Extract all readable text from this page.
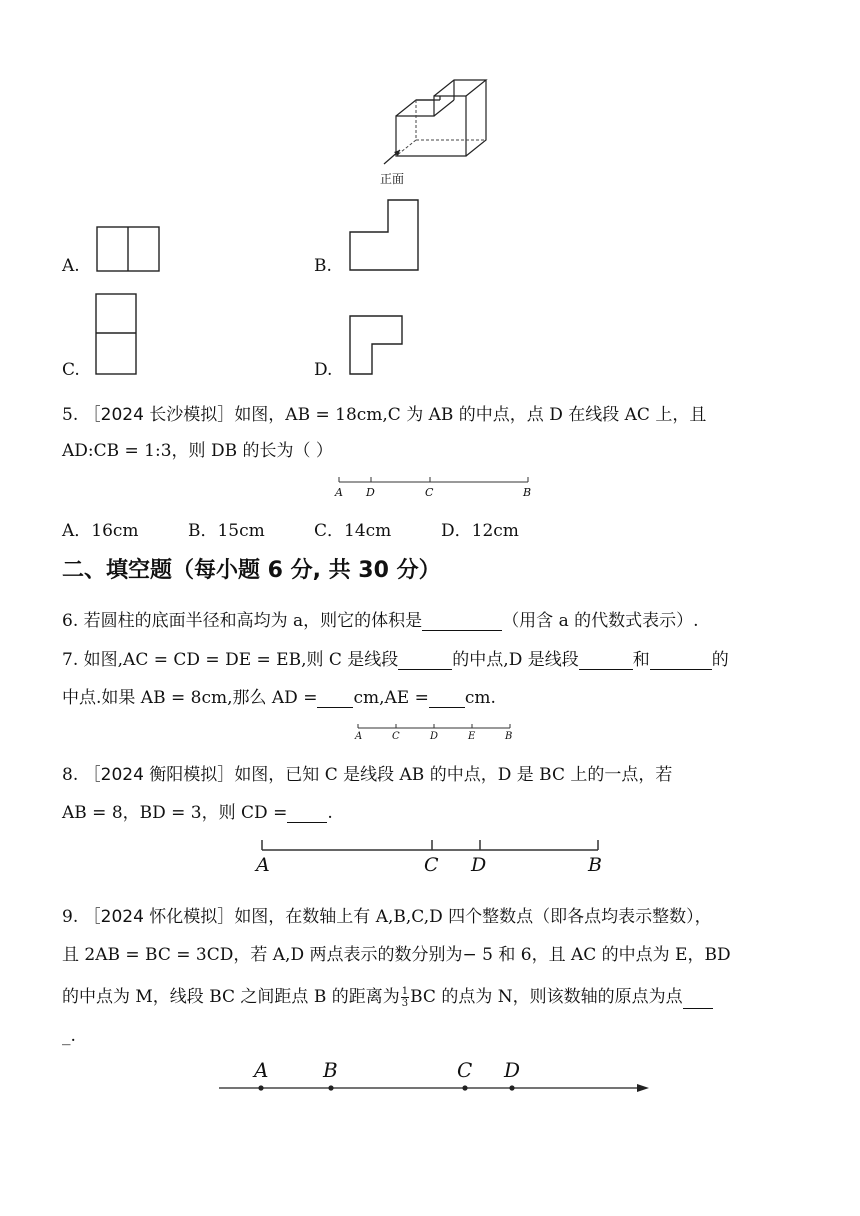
正面
A.	B.
C.	D.
5. ［2024 长沙模拟］如图，AB = 18cm,C 为 AB 的中点，点 D 在线段 AC 上，且
AD:CB = 1:3，则 DB 的长为（ ）
A D	C	B
A．16cm	B．15cm	C．14cm	D．12cm
二、填空题（每小题 6 分, 共 30 分）
6. 若圆柱的底面半径和高均为 a，则它的体积是	（用含 a 的代数式表示）.
7. 如图,AC = CD = DE = EB,则 C 是线段	的中点,D 是线段	和	的
中点.如果 AB = 8cm,那么 AD = cm,AE = cm.
A	C	D	E	B
8. ［2024 衡阳模拟］如图，已知 C 是线段 AB 的中点，D 是 BC 上的一点，若
AB = 8，BD = 3，则 CD = .
A	C D	B
9. ［2024 怀化模拟］如图，在数轴上有 A,B,C,D 四个整数点（即各点均表示整数），
且 2AB = BC = 3CD，若 A,D 两点表示的数分别为− 5 和 6，且 AC 的中点为 E，BD
的中点为 M，线段 BC 之间距点 B 的距离为 $\frac{1}{3}$ BC 的点为 N，则该数轴的原点为点
_.
A	B	C D
